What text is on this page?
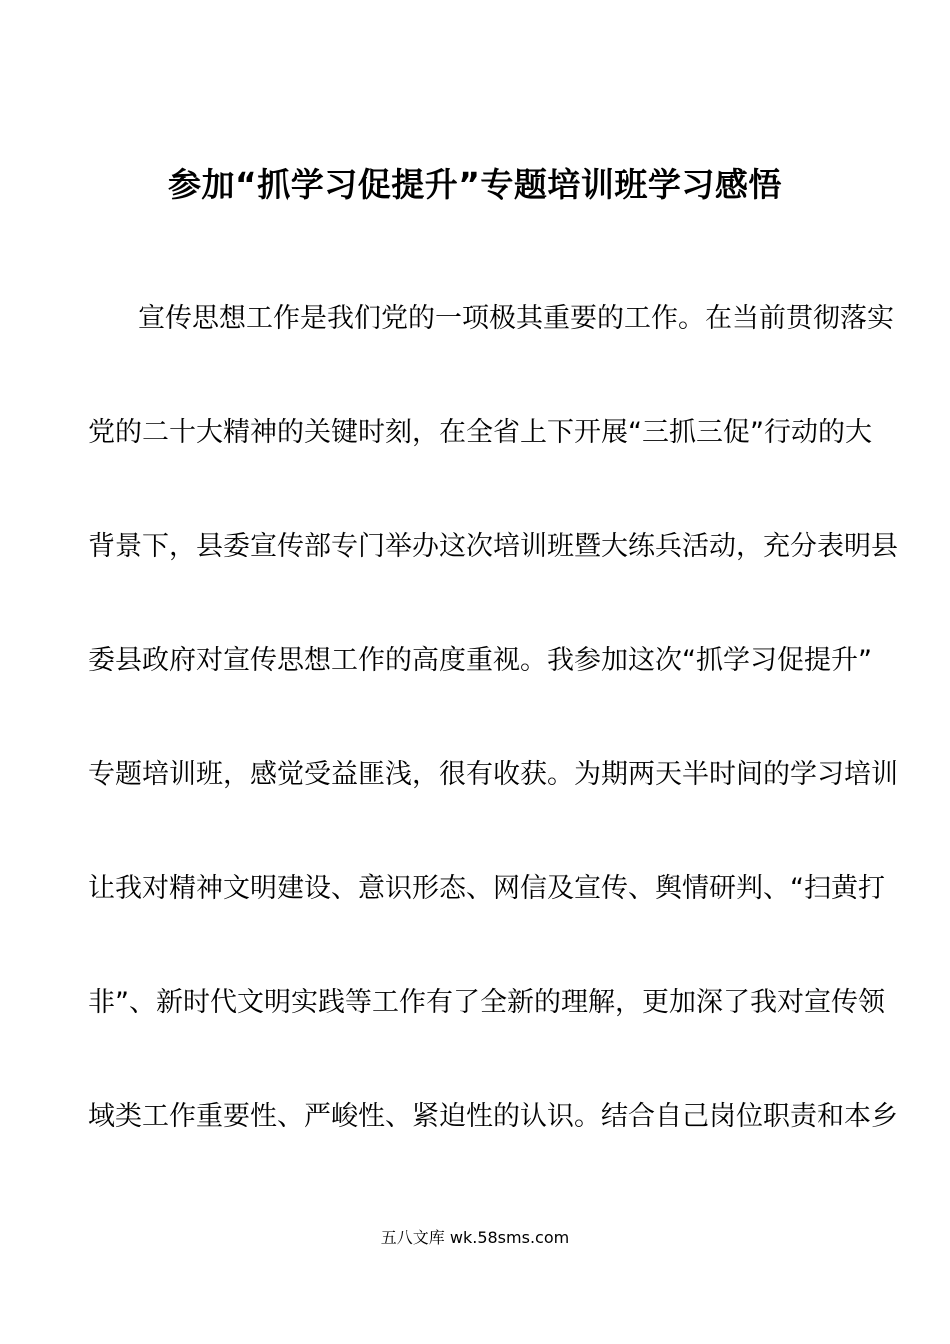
参加“抓学习促提升”专题培训班学习感悟
宣传思想工作是我们党的一项极其重要的工作。在当前贯彻落实
党的二十大精神的关键时刻，在全省上下开展“三抓三促”行动的大
背景下，县委宣传部专门举办这次培训班暨大练兵活动，充分表明县
委县政府对宣传思想工作的高度重视。我参加这次“抓学习促提升”
专题培训班，感觉受益匪浅，很有收获。为期两天半时间的学习培训
让我对精神文明建设、意识形态、网信及宣传、舆情研判、“扫黄打
非”、新时代文明实践等工作有了全新的理解，更加深了我对宣传领
域类工作重要性、严峻性、紧迫性的认识。结合自己岗位职责和本乡
五八文库 wk.58sms.com
